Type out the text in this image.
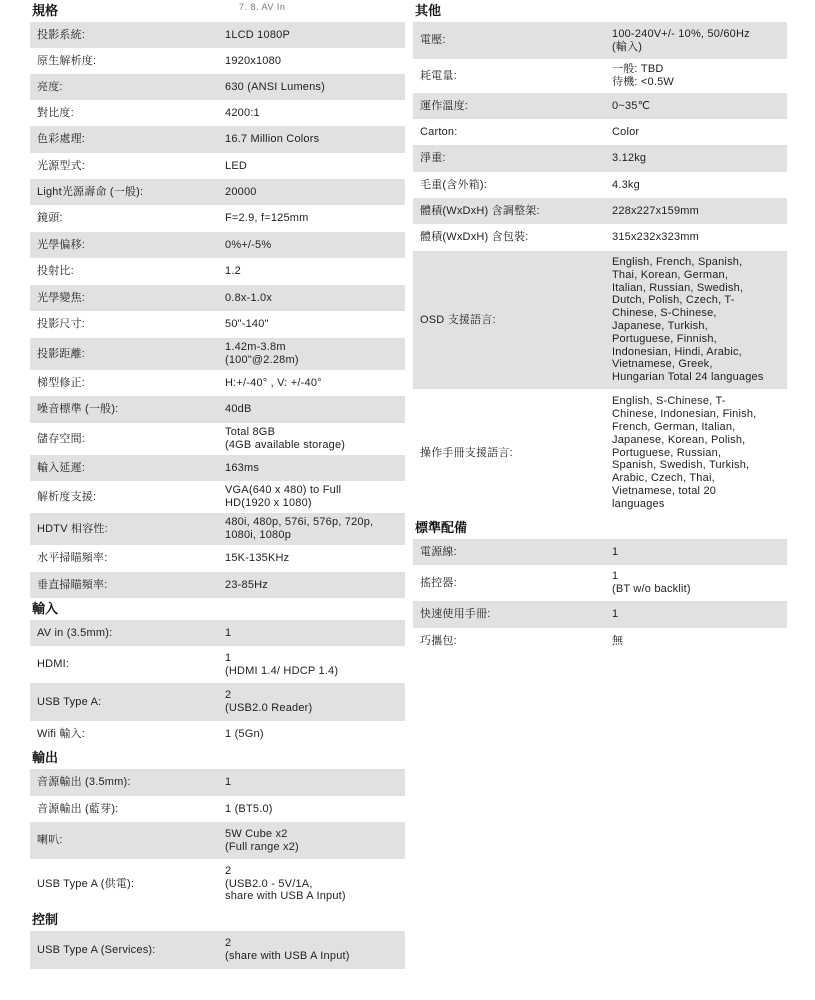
7. 8. AV In
規格
投影系統:	1LCD 1080P
原生解析度:	1920x1080
亮度:	630 (ANSI Lumens)
對比度:	4200:1
色彩處理:	16.7 Million Colors
光源型式:	LED
Light光源壽命 (一般):	20000
鏡頭:	F=2.9, f=125mm
光學偏移:	0%+/-5%
投射比:	1.2
光學變焦:	0.8x-1.0x
投影尺寸:	50"-140"
投影距離:
1.42m-3.8m
(100"@2.28m)
梯型修正:	H:+/-40° , V: +/-40°
噪音標準 (一般):	40dB
儲存空間:
Total 8GB
(4GB available storage)
輸入延遲:	163ms
解析度支援:
VGA(640 x 480) to Full
HD(1920 x 1080)
HDTV 相容性:
480i, 480p, 576i, 576p, 720p,
1080i, 1080p
水平掃瞄頻率:	15K-135KHz
垂直掃瞄頻率:	23-85Hz
輸入
AV in (3.5mm):	1
HDMI:
1
(HDMI 1.4/ HDCP 1.4)
USB Type A:
2
(USB2.0 Reader)
Wifi 輸入:	1 (5Gn)
輸出
音源輸出 (3.5mm):	1
音源輸出 (藍芽):	1 (BT5.0)
喇叭:
5W Cube x2
(Full range x2)
USB Type A (供電):
2
(USB2.0 - 5V/1A,
share with USB A Input)
控制
USB Type A (Services):
2
(share with USB A Input)
其他
電壓:
100-240V+/- 10%, 50/60Hz
(輸入)
耗電量:
一般: TBD
待機: <0.5W
運作溫度:	0~35℃
Carton:	Color
淨重:	3.12kg
毛重(含外箱):	4.3kg
體積(WxDxH) 含調整架:	228x227x159mm
體積(WxDxH) 含包裝:	315x232x323mm
OSD 支援語言:
English, French, Spanish,
Thai, Korean, German,
Italian, Russian, Swedish,
Dutch, Polish, Czech, T-
Chinese, S-Chinese,
Japanese, Turkish,
Portuguese, Finnish,
Indonesian, Hindi, Arabic,
Vietnamese, Greek,
Hungarian Total 24 languages
操作手冊支援語言:
English, S-Chinese, T-
Chinese, Indonesian, Finish,
French, German, Italian,
Japanese, Korean, Polish,
Portuguese, Russian,
Spanish, Swedish, Turkish,
Arabic, Czech, Thai,
Vietnamese, total 20
languages
標準配備
電源線:	1
搖控器:
1
(BT w/o backlit)
快速使用手冊:	1
巧攜包:	無
